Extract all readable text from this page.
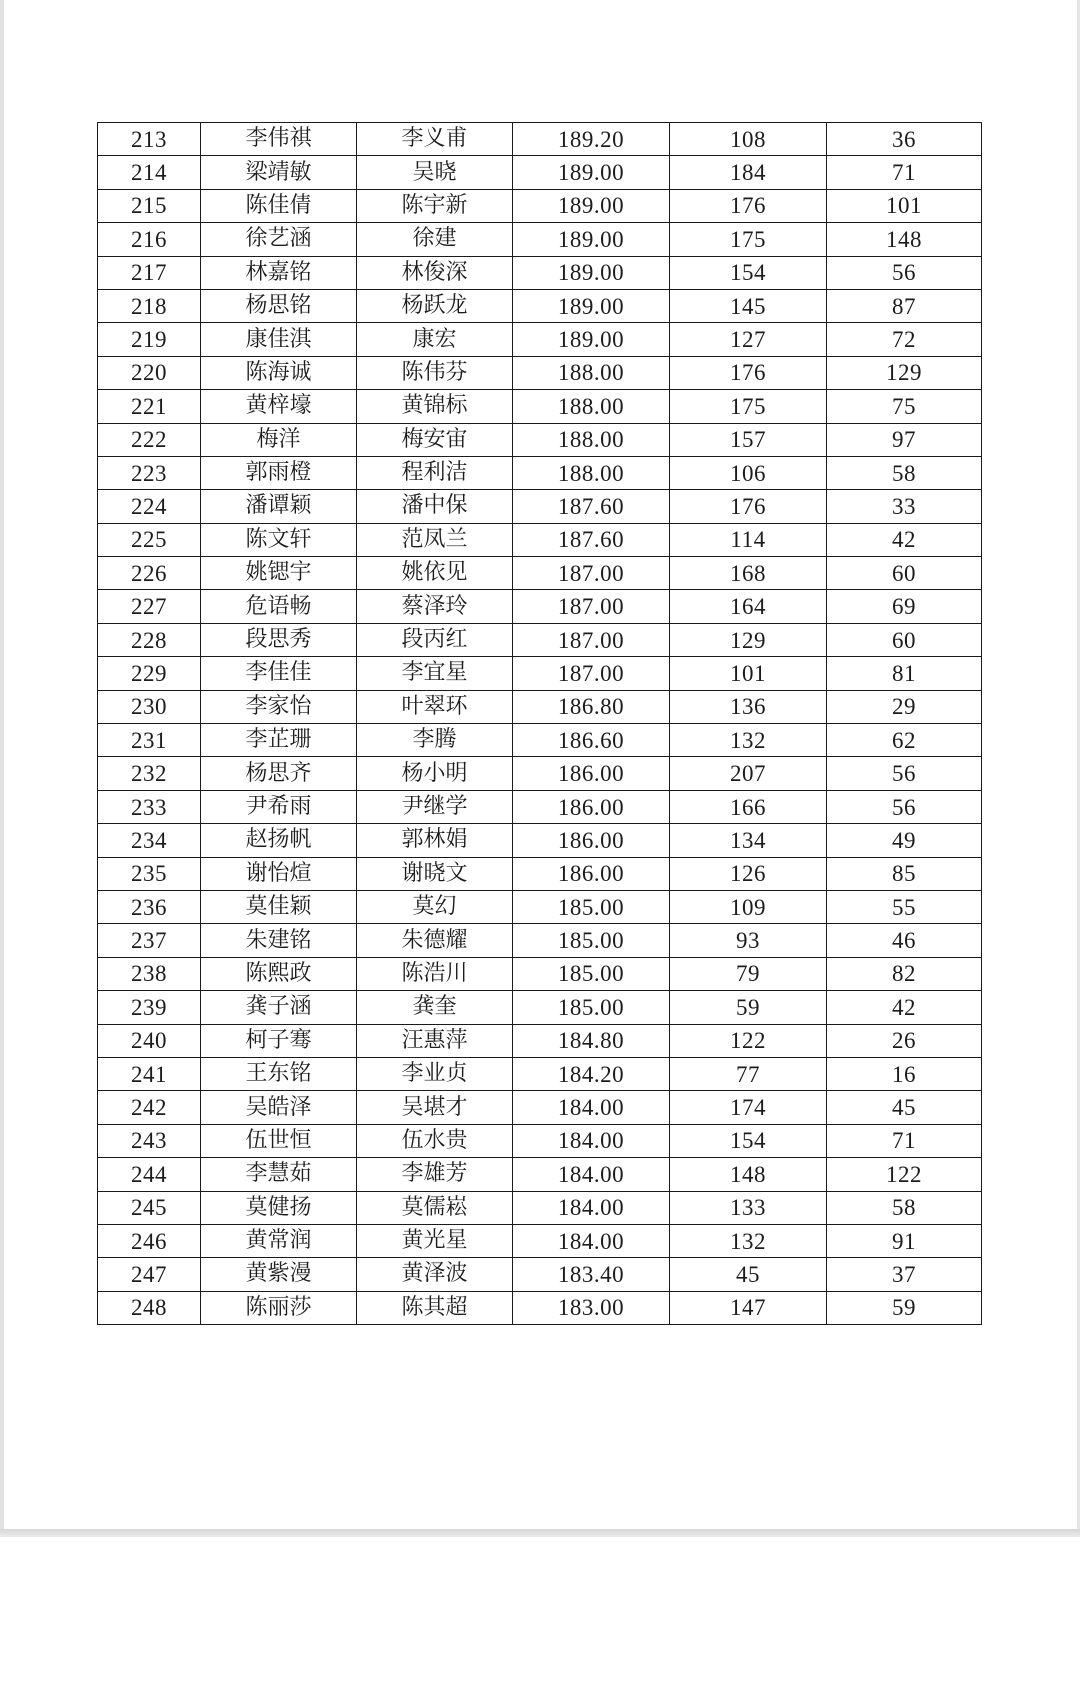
213	李伟祺	李义甫	189.20	108	36
214	梁靖敏	吴晓	189.00	184	71
215	陈佳倩	陈宇新	189.00	176	101
216	徐艺涵	徐建	189.00	175	148
217	林嘉铭	林俊深	189.00	154	56
218	杨思铭	杨跃龙	189.00	145	87
219	康佳淇	康宏	189.00	127	72
220	陈海诚	陈伟芬	188.00	176	129
221	黄梓壕	黄锦标	188.00	175	75
222	梅洋	梅安宙	188.00	157	97
223	郭雨橙	程利洁	188.00	106	58
224	潘谭颖	潘中保	187.60	176	33
225	陈文轩	范凤兰	187.60	114	42
226	姚锶宇	姚依见	187.00	168	60
227	危语畅	蔡泽玲	187.00	164	69
228	段思秀	段丙红	187.00	129	60
229	李佳佳	李宜星	187.00	101	81
230	李家怡	叶翠环	186.80	136	29
231	李芷珊	李腾	186.60	132	62
232	杨思齐	杨小明	186.00	207	56
233	尹希雨	尹继学	186.00	166	56
234	赵扬帆	郭林娟	186.00	134	49
235	谢怡煊	谢晓文	186.00	126	85
236	莫佳颖	莫幻	185.00	109	55
237	朱建铭	朱德耀	185.00	93	46
238	陈熙政	陈浩川	185.00	79	82
239	龚子涵	龚奎	185.00	59	42
240	柯子骞	汪惠萍	184.80	122	26
241	王东铭	李业贞	184.20	77	16
242	吴皓泽	吴堪才	184.00	174	45
243	伍世恒	伍水贵	184.00	154	71
244	李慧茹	李雄芳	184.00	148	122
245	莫健扬	莫儒崧	184.00	133	58
246	黄常润	黄光星	184.00	132	91
247	黄紫漫	黄泽波	183.40	45	37
248	陈丽莎	陈其超	183.00	147	59
